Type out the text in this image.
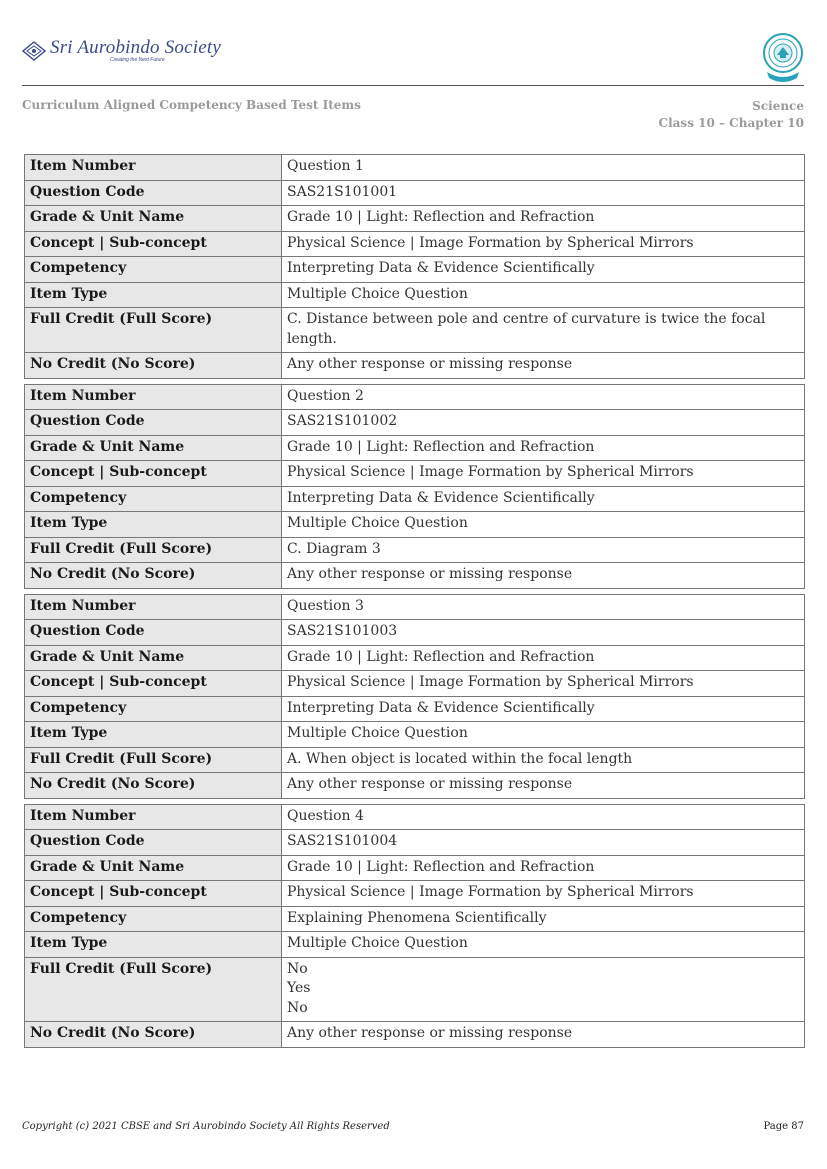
Sri Aurobindo Society
Creating the Next Future
Curriculum Aligned Competency Based Test Items	Science
Class 10 – Chapter 10
Item Number	Question 1

Question Code	SAS21S101001

Grade & Unit Name	Grade 10 | Light: Reflection and Refraction

Concept | Sub-concept	Physical Science | Image Formation by Spherical Mirrors

Competency	Interpreting Data & Evidence Scientifically

Item Type	Multiple Choice Question

Full Credit (Full Score)	C. Distance between pole and centre of curvature is twice the focal length.

No Credit (No Score)	Any other response or missing response
Item Number	Question 2

Question Code	SAS21S101002

Grade & Unit Name	Grade 10 | Light: Reflection and Refraction

Concept | Sub-concept	Physical Science | Image Formation by Spherical Mirrors

Competency	Interpreting Data & Evidence Scientifically

Item Type	Multiple Choice Question

Full Credit (Full Score)	C. Diagram 3

No Credit (No Score)	Any other response or missing response
Item Number	Question 3

Question Code	SAS21S101003

Grade & Unit Name	Grade 10 | Light: Reflection and Refraction

Concept | Sub-concept	Physical Science | Image Formation by Spherical Mirrors

Competency	Interpreting Data & Evidence Scientifically

Item Type	Multiple Choice Question

Full Credit (Full Score)	A. When object is located within the focal length

No Credit (No Score)	Any other response or missing response
Item Number	Question 4

Question Code	SAS21S101004

Grade & Unit Name	Grade 10 | Light: Reflection and Refraction

Concept | Sub-concept	Physical Science | Image Formation by Spherical Mirrors

Competency	Explaining Phenomena Scientifically

Item Type	Multiple Choice Question

Full Credit (Full Score)	No
Yes
No

No Credit (No Score)	Any other response or missing response
Copyright (c) 2021 CBSE and Sri Aurobindo Society All Rights Reserved	Page 87
